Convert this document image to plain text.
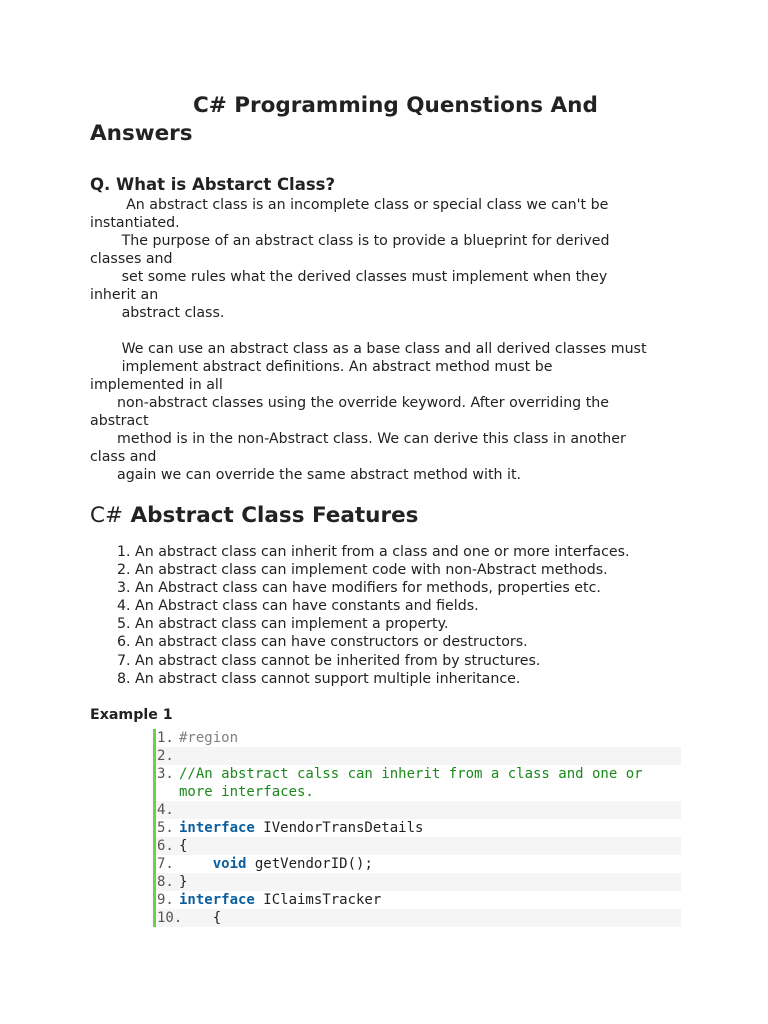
C# Programming Quenstions And Answers
Q. What is Abstarct Class?
An abstract class is an incomplete class or special class we can't be
instantiated.
The purpose of an abstract class is to provide a blueprint for derived
classes and
set some rules what the derived classes must implement when they
inherit an
abstract class.
We can use an abstract class as a base class and all derived classes must
implement abstract definitions. An abstract method must be
implemented in all
non-abstract classes using the override keyword. After overriding the
abstract
method is in the non-Abstract class. We can derive this class in another
class and
again we can override the same abstract method with it.
C# Abstract Class Features
1. An abstract class can inherit from a class and one or more interfaces.
2. An abstract class can implement code with non-Abstract methods.
3. An Abstract class can have modifiers for methods, properties etc.
4. An Abstract class can have constants and fields.
5. An abstract class can implement a property.
6. An abstract class can have constructors or destructors.
7. An abstract class cannot be inherited from by structures.
8. An abstract class cannot support multiple inheritance.
Example 1
1. #region
2.
3. //An abstract calss can inherit from a class and one or more interfaces.
4.
5. interface IVendorTransDetails
6. {
7.	void getVendorID();
8. }
9. interface IClaimsTracker
10.
{
